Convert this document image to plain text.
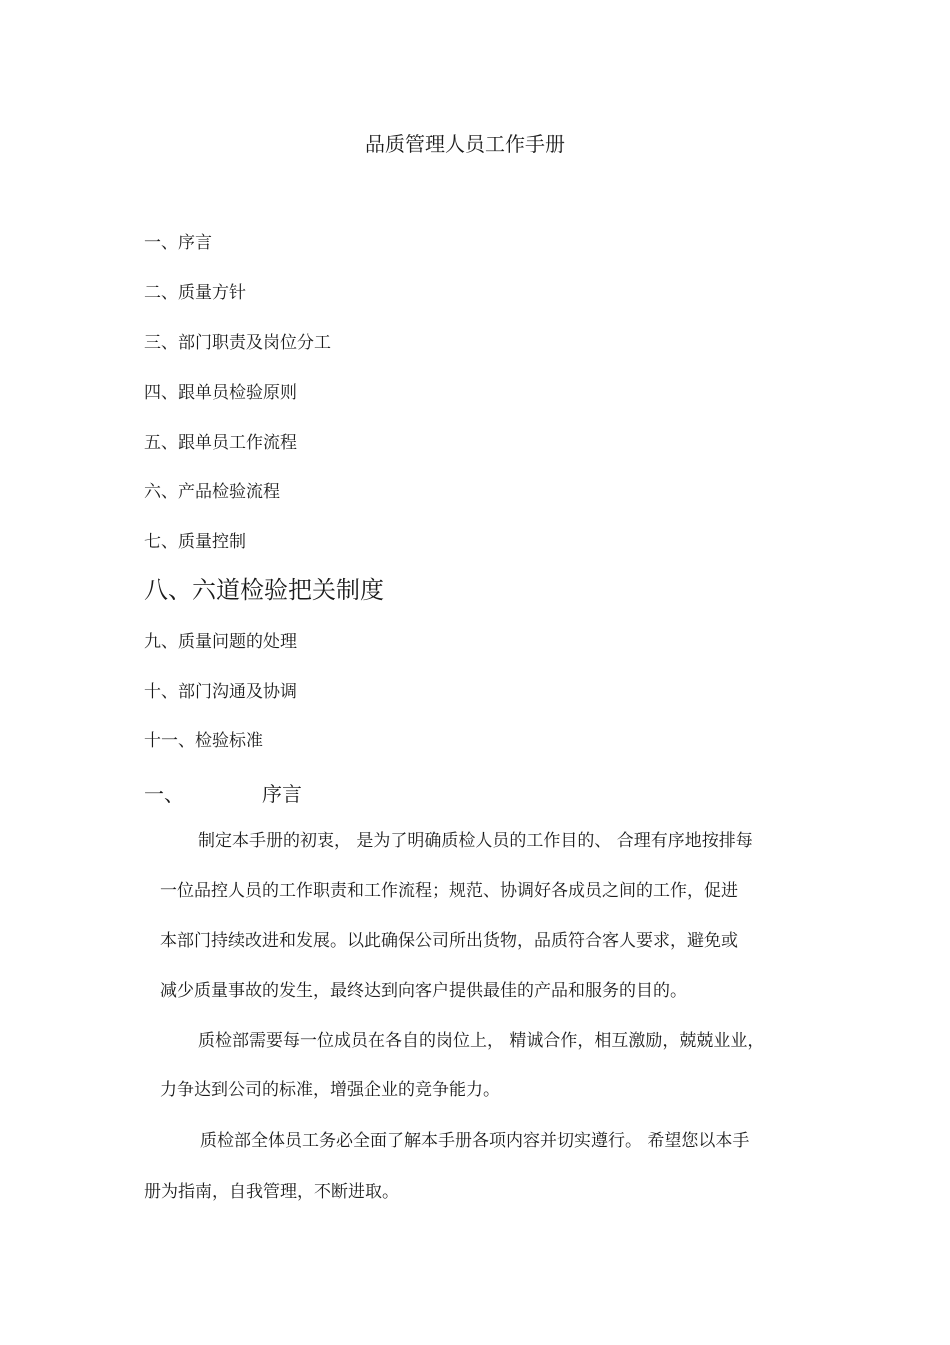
品质管理人员工作手册
一、序言
二、质量方针
三、部门职责及岗位分工
四、跟单员检验原则
五、跟单员工作流程
六、产品检验流程
七、质量控制
八、六道检验把关制度
九、质量问题的处理
十、部门沟通及协调
十一、检验标准
一、	序言
制定本手册的初衷， 是为了明确质检人员的工作目的、 合理有序地按排每
一位品控人员的工作职责和工作流程；规范、协调好各成员之间的工作，促进
本部门持续改进和发展。以此确保公司所出货物，品质符合客人要求，避免或
减少质量事故的发生，最终达到向客户提供最佳的产品和服务的目的。
质检部需要每一位成员在各自的岗位上， 精诚合作，相互激励，兢兢业业，
力争达到公司的标准，增强企业的竞争能力。
质检部全体员工务必全面了解本手册各项内容并切实遵行。 希望您以本手
册为指南，自我管理，不断进取。
